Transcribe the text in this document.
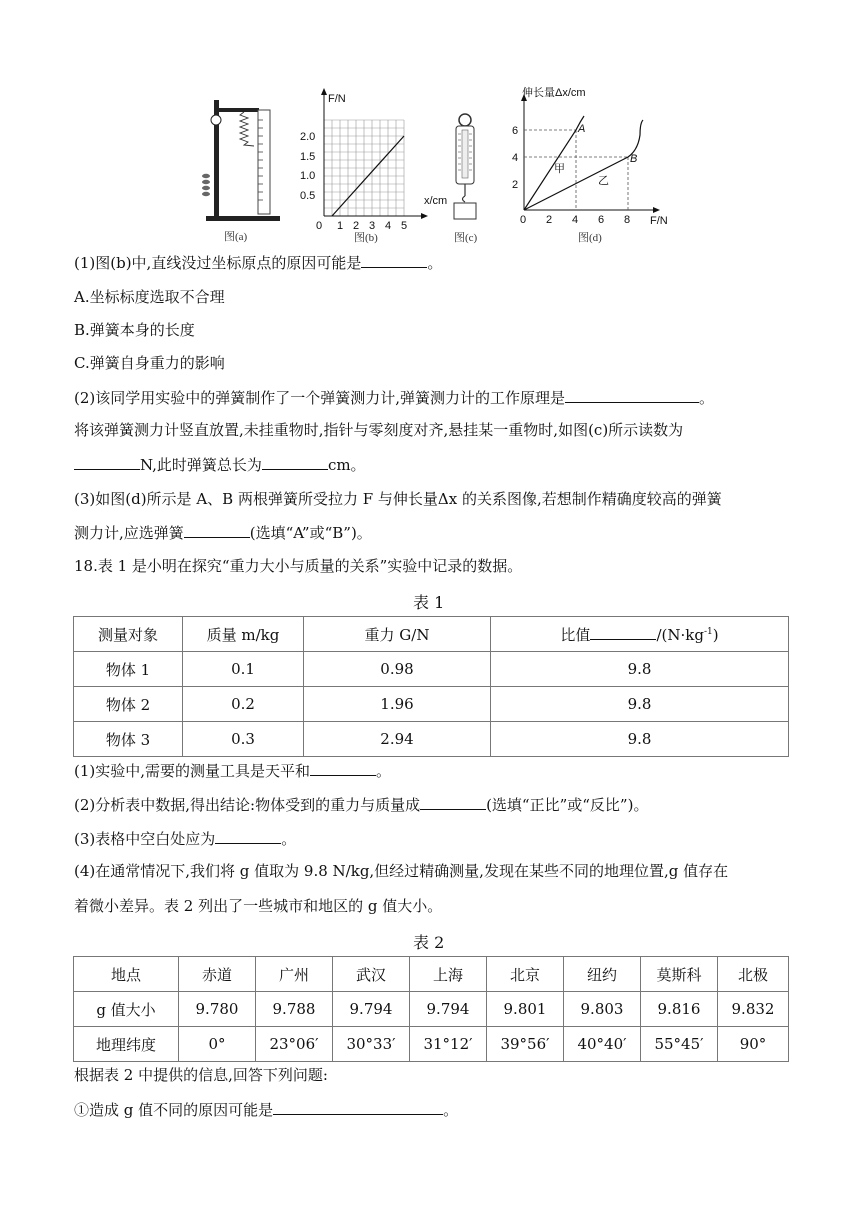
图(a)
F/N
x/cm
2.0
1.5
1.0
0.5
0 1 2 3 4 5
图(b)	图(c)
伸长量Δx/cm
F/N
A
B
甲
乙
6
4
2
0 2 4 6 8
图(d)
(1)图(b)中,直线没过坐标原点的原因可能是	。
A.坐标标度选取不合理
B.弹簧本身的长度
C.弹簧自身重力的影响
(2)该同学用实验中的弹簧制作了一个弹簧测力计,弹簧测力计的工作原理是	。
将该弹簧测力计竖直放置,未挂重物时,指针与零刻度对齐,悬挂某一重物时,如图(c)所示读数为
N,此时弹簧总长为	cm。
(3)如图(d)所示是 A、B 两根弹簧所受拉力 F 与伸长量Δx 的关系图像,若想制作精确度较高的弹簧
测力计,应选弹簧	(选填“A”或“B”)。
18.表 1 是小明在探究“重力大小与质量的关系”实验中记录的数据。
表 1
测量对象	质量 m/kg	重力 G/N	比值 $/(N\cdot kg^{-1})$
物体 1	0.1	0.98	9.8
物体 2	0.2	1.96	9.8
物体 3	0.3	2.94	9.8
(1)实验中,需要的测量工具是天平和	。
(2)分析表中数据,得出结论:物体受到的重力与质量成	(选填“正比”或“反比”)。
(3)表格中空白处应为	。
(4)在通常情况下,我们将 g 值取为 9.8 N/kg,但经过精确测量,发现在某些不同的地理位置,g 值存在
着微小差异。表 2 列出了一些城市和地区的 g 值大小。
表 2
地点	赤道	广州	武汉	上海	北京	纽约	莫斯科	北极
g 值大小	9.780	9.788	9.794	9.794	9.801	9.803	9.816	9.832
地理纬度	0°	23°06′	30°33′	31°12′	39°56′	40°40′	55°45′	90°
根据表 2 中提供的信息,回答下列问题:
①造成 g 值不同的原因可能是	。
